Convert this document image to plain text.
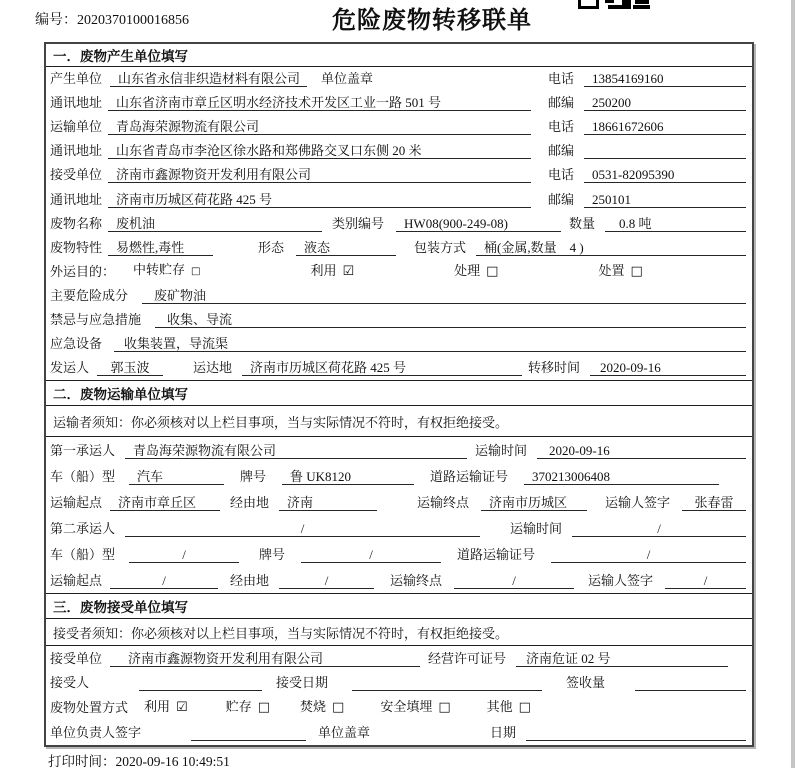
编号：2020370100016856	危险废物转移联单
一．废物产生单位填写
产生单位	山东省永信非织造材料有限公司	单位盖章	电话	13854169160
通讯地址	山东省济南市章丘区明水经济技术开发区工业一路 501 号	邮编	250200
运输单位	青岛海荣源物流有限公司	电话	18661672606
通讯地址	山东省青岛市李沧区徐水路和郑佛路交叉口东侧 20 米	邮编
接受单位	济南市鑫源物资开发利用有限公司	电话	0531-82095390
通讯地址	济南市历城区荷花路 425 号	邮编	250101
废物名称	废机油	类别编号	HW08(900-249-08)	数量	0.8 吨
废物特性	易燃性,毒性	形态	液态	包装方式	桶(金属,数量　4 )
外运目的： 中转贮存 □	利用 ☑	处理 □	处置 □
主要危险成分	废矿物油
禁忌与应急措施	收集、导流
应急设备	收集装置，导流渠
发运人	郭玉波	运达地	济南市历城区荷花路 425 号	转移时间	2020-09-16
二．废物运输单位填写
运输者须知：你必须核对以上栏目事项，当与实际情况不符时，有权拒绝接受。
第一承运人	青岛海荣源物流有限公司	运输时间	2020-09-16
车（船）型	汽车	牌号	鲁 UK8120	道路运输证号	370213006408
运输起点	济南市章丘区	经由地	济南	运输终点	济南市历城区	运输人签字	张春雷
第二承运人	/	运输时间	/
车（船）型	/	牌号	/	道路运输证号	/
运输起点	/	经由地	/	运输终点	/	运输人签字	/
三．废物接受单位填写
接受者须知：你必须核对以上栏目事项，当与实际情况不符时，有权拒绝接受。
接受单位	济南市鑫源物资开发利用有限公司	经营许可证号	济南危证 02 号
接受人	接受日期	签收量
废物处置方式 利用 ☑	贮存 □ 焚烧 □	安全填埋 □	其他 □
单位负责人签字	单位盖章	日期
打印时间：2020-09-16 10:49:51
